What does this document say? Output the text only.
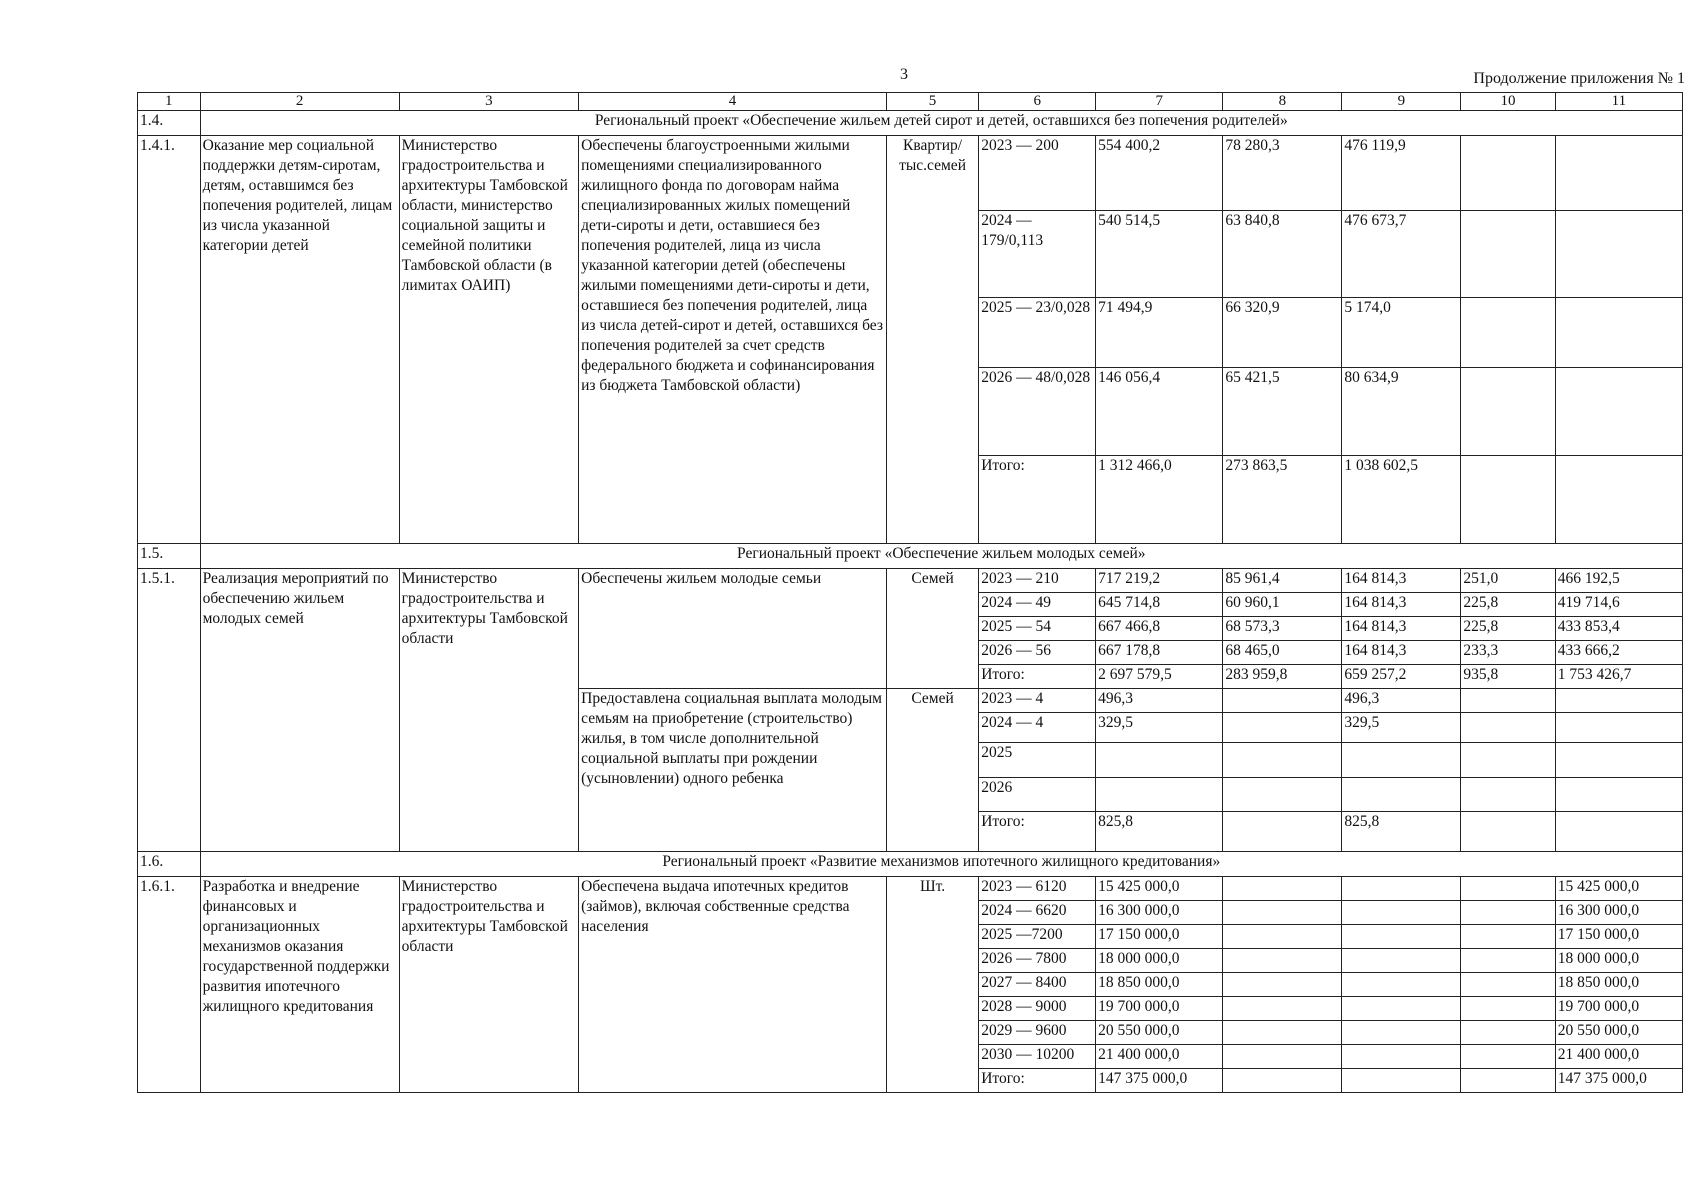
3	Продолжение приложения № 1
1	2	3	4	5	6	7	8	9	10	11
1.4.	Региональный проект «Обеспечение жильем детей сирот и детей, оставшихся без попечения родителей»									
1.4.1.	Оказание мер социальной поддержки детям-сиротам, детям, оставшимся без попечения родителей, лицам из числа указанной категории детей	Министерство градостроительства и архитектуры Тамбовской области, министерство социальной защиты и семейной политики Тамбовской области (в лимитах ОАИП)	Обеспечены благоустроенными жилыми помещениями специализированного жилищного фонда по договорам найма специализированных жилых помещений дети-сироты и дети, оставшиеся без попечения родителей, лица из числа указанной категории детей (обеспечены жилыми помещениями дети-сироты и дети, оставшиеся без попечения родителей, лица из числа детей-сирот и детей, оставшихся без попечения родителей за счет средств федерального бюджета и софинансирования из бюджета Тамбовской области)	Квартир/ тыс.семей	2023 — 200	554 400,2	78 280,3	476 119,9		
					2024 — 179/0,113	540 514,5	63 840,8	476 673,7		
					2025 — 23/0,028	71 494,9	66 320,9	5 174,0		
					2026 — 48/0,028	146 056,4	65 421,5	80 634,9		
					Итого:	1 312 466,0	273 863,5	1 038 602,5		
1.5.	Региональный проект «Обеспечение жильем молодых семей»									
1.5.1.	Реализация мероприятий по обеспечению жильем молодых семей	Министерство градостроительства и архитектуры Тамбовской области	Обеспечены жильем молодые семьи	Семей	2023 — 210	717 219,2	85 961,4	164 814,3	251,0	466 192,5
					2024 — 49	645 714,8	60 960,1	164 814,3	225,8	419 714,6
					2025 — 54	667 466,8	68 573,3	164 814,3	225,8	433 853,4
					2026 — 56	667 178,8	68 465,0	164 814,3	233,3	433 666,2
					Итого:	2 697 579,5	283 959,8	659 257,2	935,8	1 753 426,7
			Предоставлена социальная выплата молодым семьям на приобретение (строительство) жилья, в том числе дополнительной социальной выплаты при рождении (усыновлении) одного ребенка	Семей	2023 — 4	496,3		496,3		
					2024 — 4	329,5		329,5		
					2025					
					2026					
					Итого:	825,8		825,8		
1.6.	Региональный проект «Развитие механизмов ипотечного жилищного кредитования»									
1.6.1.	Разработка и внедрение финансовых и организационных механизмов оказания государственной поддержки развития ипотечного жилищного кредитования	Министерство градостроительства и архитектуры Тамбовской области	Обеспечена выдача ипотечных кредитов (займов), включая собственные средства населения	Шт.	2023 — 6120	15 425 000,0				15 425 000,0
					2024 — 6620	16 300 000,0				16 300 000,0
					2025 —7200	17 150 000,0				17 150 000,0
					2026 — 7800	18 000 000,0				18 000 000,0
					2027 — 8400	18 850 000,0				18 850 000,0
					2028 — 9000	19 700 000,0				19 700 000,0
					2029 — 9600	20 550 000,0				20 550 000,0
					2030 — 10200	21 400 000,0				21 400 000,0
					Итого:	147 375 000,0				147 375 000,0
